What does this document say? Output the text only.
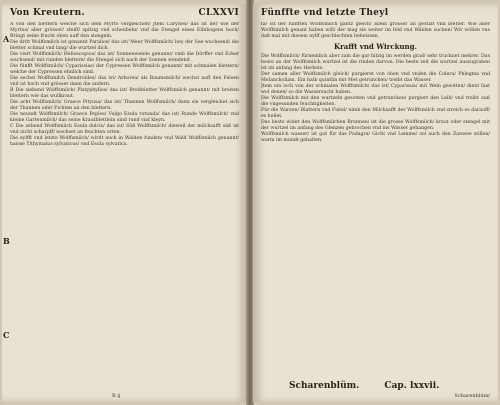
Von Kreutern.	CLXXVI

A von den blettern welche sich dem Myrto vergleichen/ Jtem Caryites/ das ist der wie der Myrtus/ aber grösser/ steiff/ spitzig vnd scheubeln/ vnd die Stengel eines Ellnbogens hoch/ Bringt seine frucht oben auff den stengeln.

Die dritt Wolffsmilch ist genannt Paralios/ das ist/ Meer Wolffsmilch/ bey der See wachsend/ die bletter schmal vnd lang/ die wurtzel dick.

Die viert Wolffsmilch/ Helioscopios/ das ist/ Sonnenwende genannt/ vmb die Dörffer vnd Ecker wachsend/ mit runden blettern/ die Stengel sich nach der Sonnen wendend.

Die fünfft Wolffsmilch/ Cyparissias/ der Cypressen Wolffsmilch genannt/ mit schmalen blettern/ welche der Cypressen ehnlich sind.

Die sechst Wolffsmilch Dendroides/ das ist/ Arborea/ als Baumsmilch/ wechst auff den Felsen vnd ist hoch vnd grösser dann die andern.

B Die siebend Wolffsmilch/ Platyphyllos/ das ist/ Breitbletter Wolffsmilch genannt/ mit breiten blettern wie das wullkraut.

Die acht Wolffsmilch/ Graece Pityusa/ das ist/ Thannen Wolffsmilch/ dann sie vergleichet sich der Thannen oder Fichten an den blettern.

Die neundt Wolffsmilch/ Graece Peplos/ Vulgo Esula rotunda/ das ist/ Runde Wolffsmilch/ vnd kleine Gartenmilch/ das seine Krautblettlein sind rund vnd kleyn.

C Die zehend Wolffsmilch Esula dulcis/ das ist/ Süß Wolffsmilch/ dieweil der milchsafft süß ist vnd nicht scharpff/ wechset an feuchten orten.

Die eylfft vnd letzte Wolffsmilch/ wirdt auch in Walden funden/ vnd Wald Wolffsmilch genannt/ haisse Tithymalus sylvaticus/ vnd Esula sylvatica.

A
B
C
B ij
Fünffte vnd letzte Theyl

ta/ ist der fünfften Wolffsmilch gantz gleich/ allein grösser an gestalt vnd bletter. Wie aber Wolffsmilch genant haben will/ der mag sie weiter im feld vnd Wälden suchen/ Wir wöllen vns daß mal mit diesem eylff geschlechten beheissen.

Krafft vnd Wirckung.

Die Wolffsmilch/ fürnemlich aber zam die gar hitzig im werden grad/ sehr trucknet mehrer. Das beste an der Wolffsmilch wurtzel ist die rinden darvon. Die beste zeit die wurtzel auszugraben ist im anfang des Herbsts.

Der samen aller Wolffsmilch gleich/ purgieret von oben vnd vnden die Colera/ Phlegma vnd Melancholiam. Ein halb quintlin mit Met getruncken/ treibt das Wasser.

Jtem ein loch von der schmalen Wolffsmilch/ das ist/ Cyparissia/ mit Wein gesotten/ dient fast wol denen/ so die Wassersucht haben.

Die Wolffsmilch mit den wurtzeln gesotten vnd getruncken/ purgiert den Leib/ vnd treibt auß die vngesunden feuchtigkeiten.

Für die Warzen/ Blattern vnd Fistel/ nimb den Milchsafft der Wolffsmilch vnd streich es darauff/ es heilet.

Das beste wider den Wolffsmilchen Brunnen/ ist die grosse Wolffsmilch/ kraut oder stengel mit der wurtzel im anfang des Glenzen gebrochen vnd ins Wasser gehangen.

Wolffsmilch wasser/ ist gut für das Podagra/ Gicht vnd Lemme/ sol auch den Zanwee stillen/ warm im mundt gehalten.

Scharenblüm.	Cap. lxxvii.
Scharenblüm/
